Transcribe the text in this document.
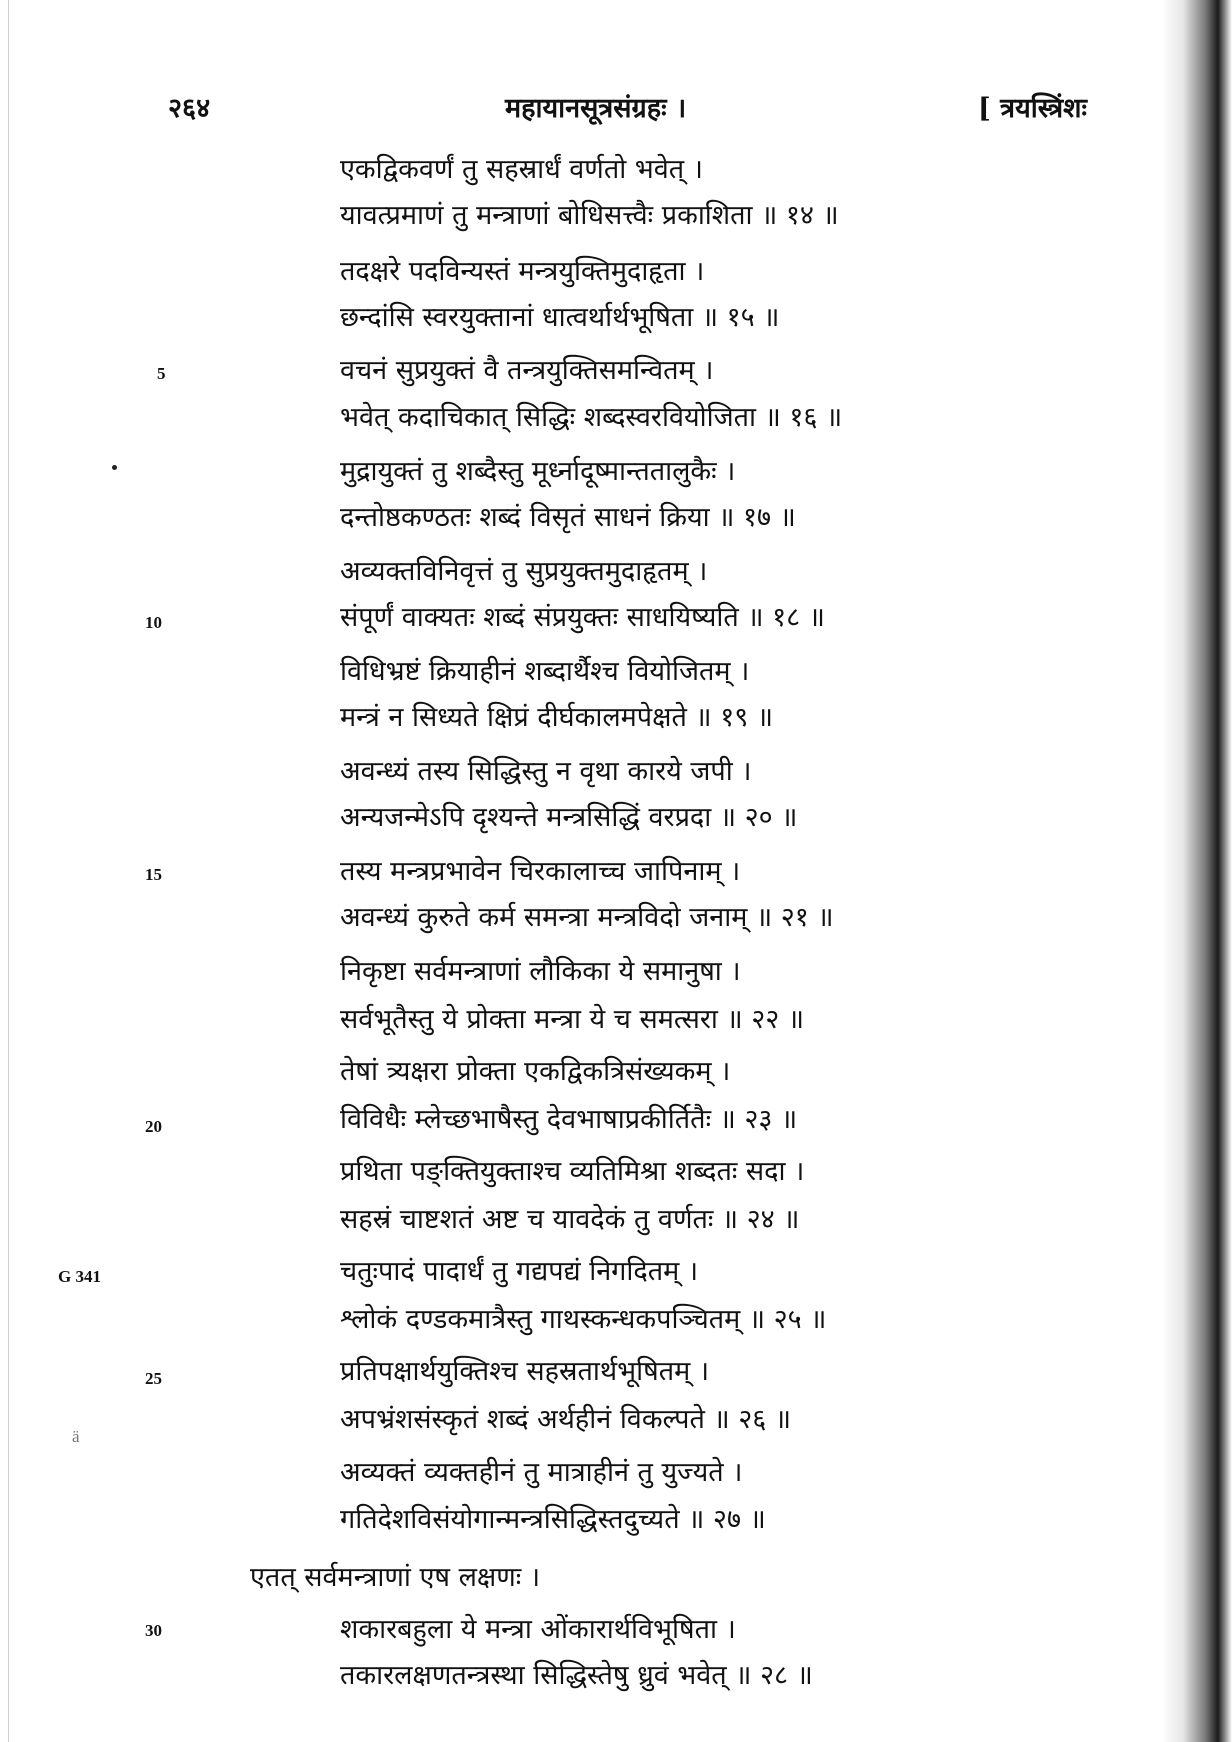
२६४	महायानसूत्रसंग्रहः ।	[ त्रयस्त्रिंशः
एकद्विकवर्णं तु सहस्रार्धं वर्णतो भवेत् ।
यावत्प्रमाणं तु मन्त्राणां बोधिसत्त्वैः प्रकाशिता ॥ १४ ॥
तदक्षरे पदविन्यस्तं मन्त्रयुक्तिमुदाहृता ।
छन्दांसि स्वरयुक्तानां धात्वर्थार्थभूषिता ॥ १५ ॥
वचनं सुप्रयुक्तं वै तन्त्रयुक्तिसमन्वितम् ।
भवेत् कदाचिकात् सिद्धिः शब्दस्वरवियोजिता ॥ १६ ॥
मुद्रायुक्तं तु शब्दैस्तु मूर्ध्नादूष्मान्ततालुकैः ।
दन्तोष्ठकण्ठतः शब्दं विसृतं साधनं क्रिया ॥ १७ ॥
अव्यक्तविनिवृत्तं तु सुप्रयुक्तमुदाहृतम् ।
संपूर्णं वाक्यतः शब्दं संप्रयुक्तः साधयिष्यति ॥ १८ ॥
विधिभ्रष्टं क्रियाहीनं शब्दार्थैश्च वियोजितम् ।
मन्त्रं न सिध्यते क्षिप्रं दीर्घकालमपेक्षते ॥ १९ ॥
अवन्ध्यं तस्य सिद्धिस्तु न वृथा कारये जपी ।
अन्यजन्मेऽपि दृश्यन्ते मन्त्रसिद्धिं वरप्रदा ॥ २० ॥
तस्य मन्त्रप्रभावेन चिरकालाच्च जापिनाम् ।
अवन्ध्यं कुरुते कर्म समन्त्रा मन्त्रविदो जनाम् ॥ २१ ॥
निकृष्टा सर्वमन्त्राणां लौकिका ये समानुषा ।
सर्वभूतैस्तु ये प्रोक्ता मन्त्रा ये च समत्सरा ॥ २२ ॥
तेषां त्र्यक्षरा प्रोक्ता एकद्विकत्रिसंख्यकम् ।
विविधैः म्लेच्छभाषैस्तु देवभाषाप्रकीर्तितैः ॥ २३ ॥
प्रथिता पङ्क्तियुक्ताश्च व्यतिमिश्रा शब्दतः सदा ।
सहस्रं चाष्टशतं अष्ट च यावदेकं तु वर्णतः ॥ २४ ॥
चतुःपादं पादार्धं तु गद्यपद्यं निगदितम् ।
श्लोकं दण्डकमात्रैस्तु गाथस्कन्धकपञ्चितम् ॥ २५ ॥
प्रतिपक्षार्थयुक्तिश्च सहस्रतार्थभूषितम् ।
अपभ्रंशसंस्कृतं शब्दं अर्थहीनं विकल्पते ॥ २६ ॥
अव्यक्तं व्यक्तहीनं तु मात्राहीनं तु युज्यते ।
गतिदेशविसंयोगान्मन्त्रसिद्धिस्तदुच्यते ॥ २७ ॥
एतत् सर्वमन्त्राणां एष लक्षणः ।
शकारबहुला ये मन्त्रा ओंकारार्थविभूषिता ।
तकारलक्षणतन्त्रस्था सिद्धिस्तेषु ध्रुवं भवेत् ॥ २८ ॥
5
10
15
20
25
30
G 341
ä
